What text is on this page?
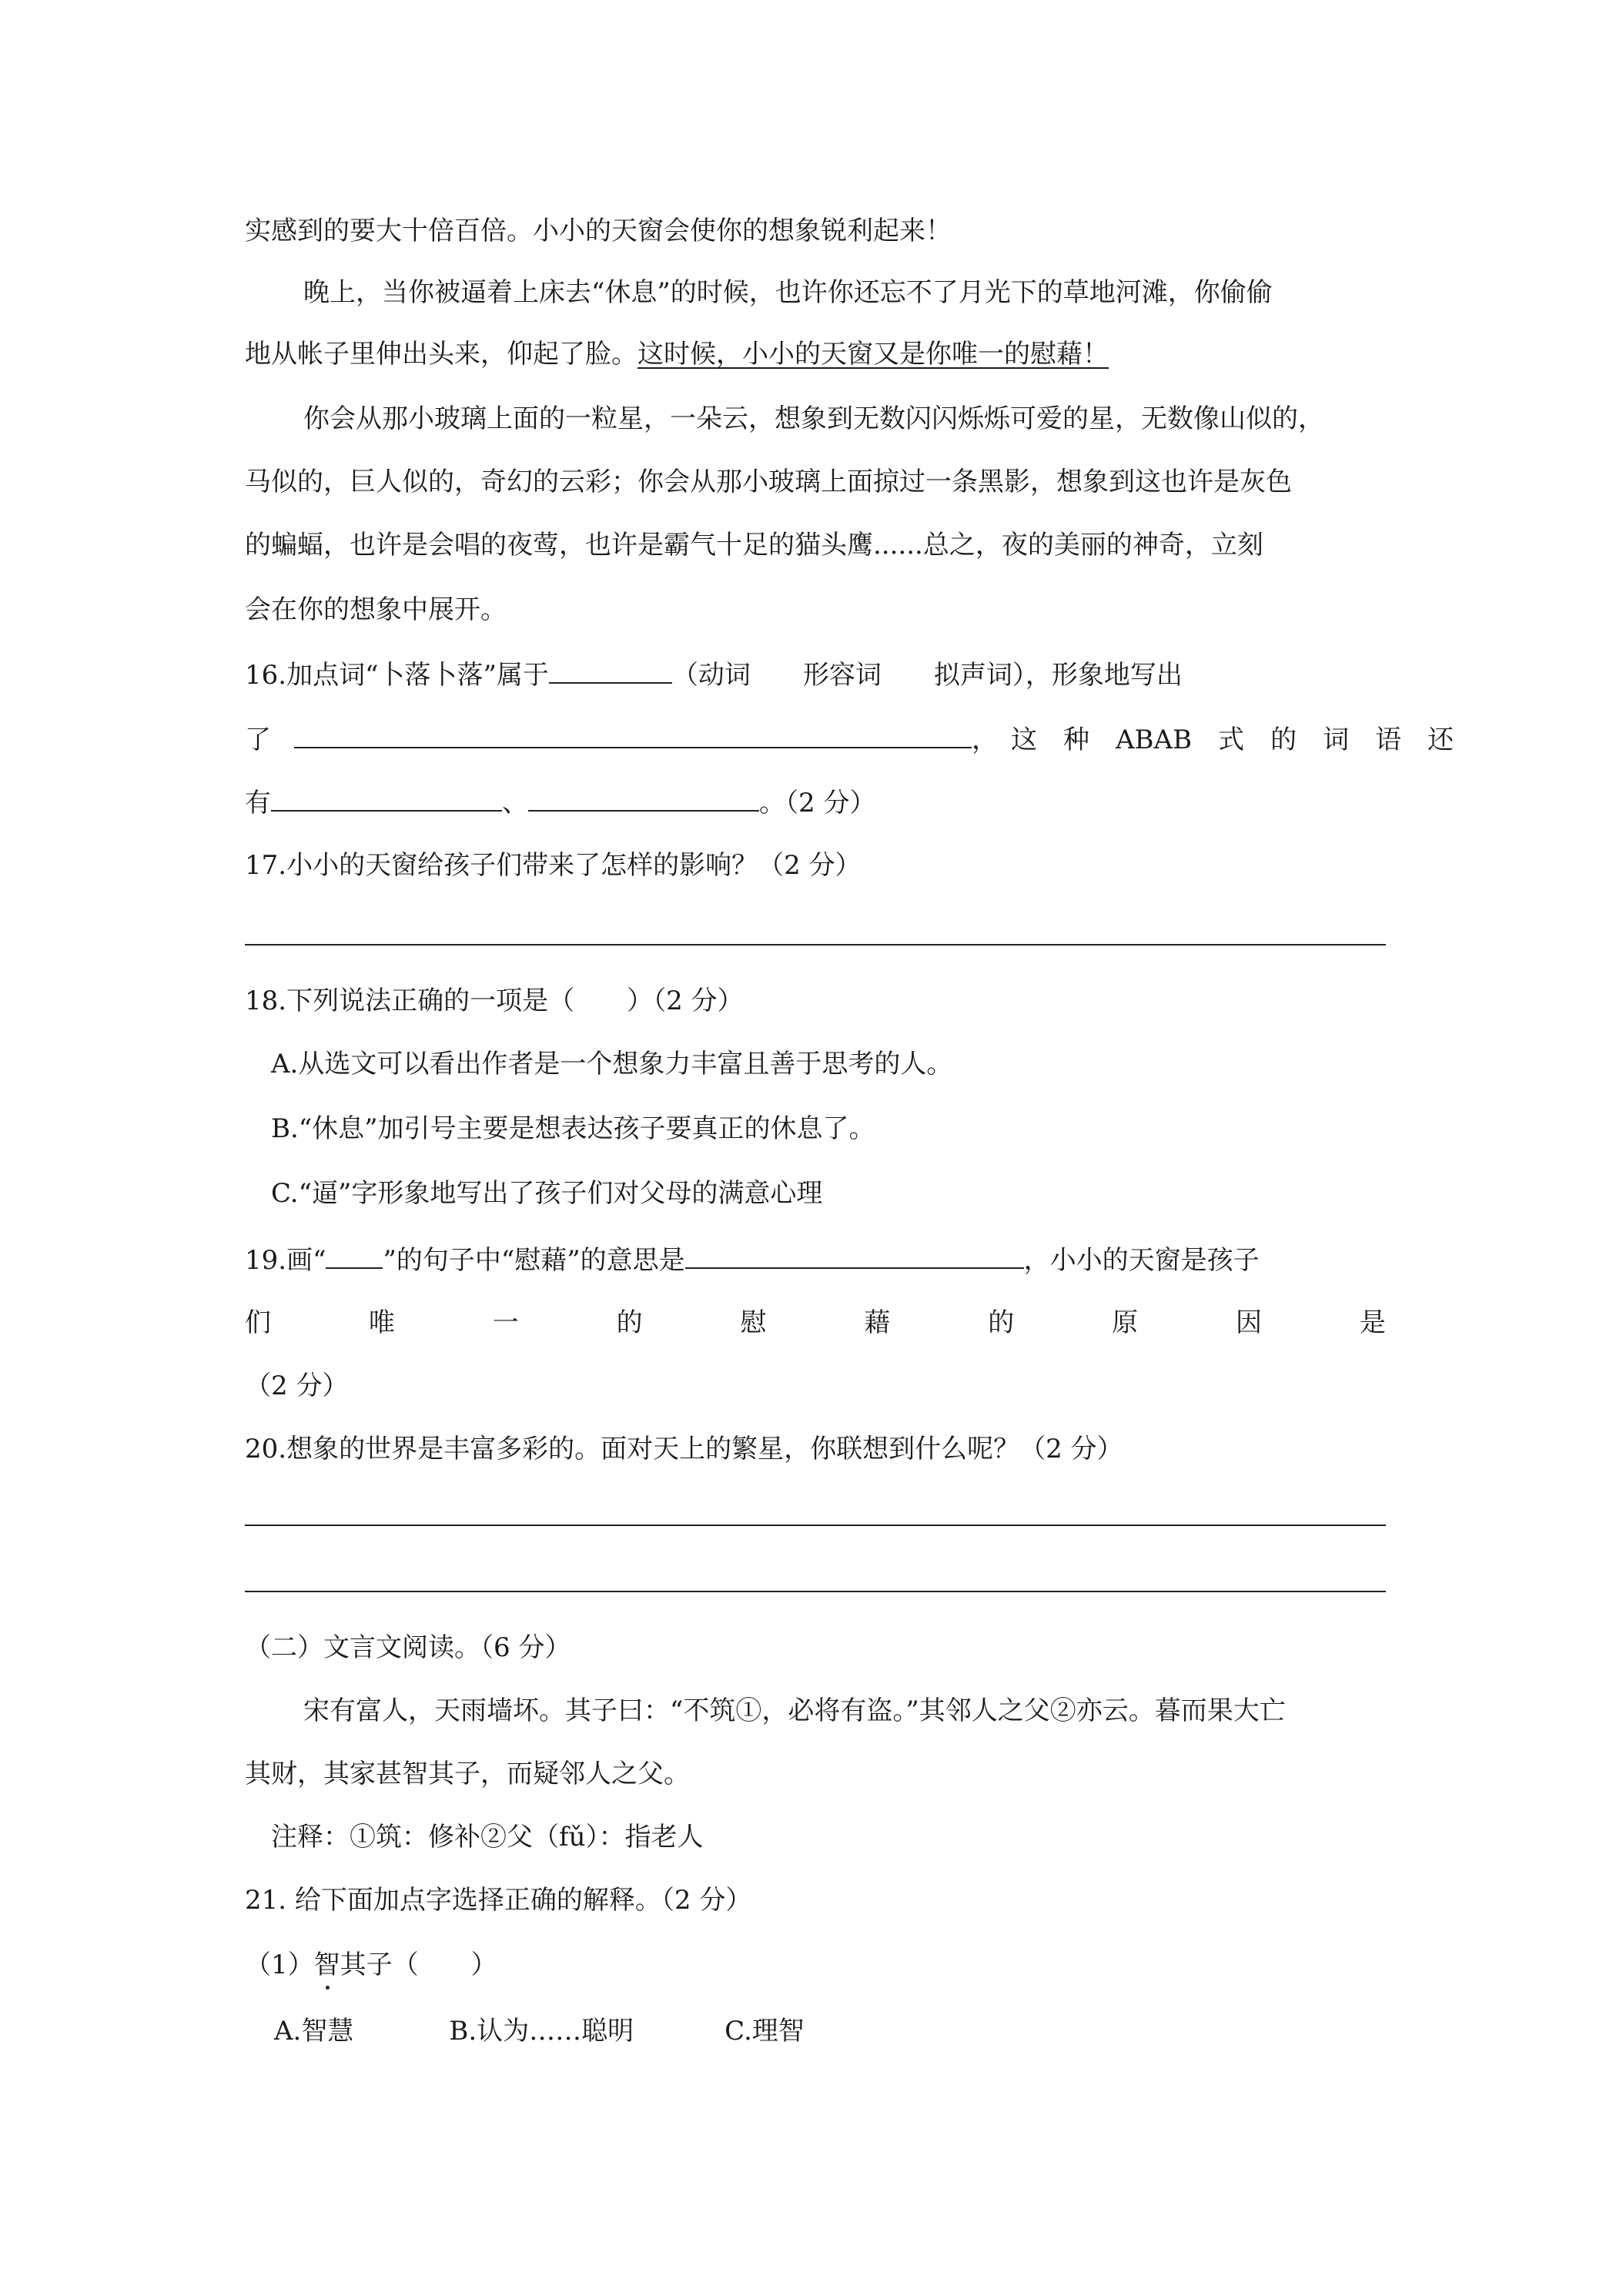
实感到的要大十倍百倍。小小的天窗会使你的想象锐利起来！
晚上，当你被逼着上床去“休息”的时候，也许你还忘不了月光下的草地河滩，你偷偷
地从帐子里伸出头来，仰起了脸。这时候，小小的天窗又是你唯一的慰藉！
你会从那小玻璃上面的一粒星，一朵云，想象到无数闪闪烁烁可爱的星，无数像山似的，
马似的，巨人似的，奇幻的云彩；你会从那小玻璃上面掠过一条黑影，想象到这也许是灰色
的蝙蝠，也许是会唱的夜莺，也许是霸气十足的猫头鹰......总之，夜的美丽的神奇，立刻
会在你的想象中展开。
16.加点词“卜落卜落”属于	（动词　　形容词　　拟声词），形象地写出
了	，　这　种　ABAB　式　的　词　语　还
有	、	。（2 分）
17.小小的天窗给孩子们带来了怎样的影响？（2 分）
18.下列说法正确的一项是（　　）（2 分）
A.从选文可以看出作者是一个想象力丰富且善于思考的人。
B.“休息”加引号主要是想表达孩子要真正的休息了。
C.“逼”字形象地写出了孩子们对父母的满意心理
19.画“ ”的句子中“慰藉”的意思是	，小小的天窗是孩子
们	唯	一	的	慰	藉	的	原	因	是
（2 分）
20.想象的世界是丰富多彩的。面对天上的繁星，你联想到什么呢？（2 分）
（二）文言文阅读。（6 分）
宋有富人，天雨墙坏。其子曰：“不筑①，必将有盗。”其邻人之父②亦云。暮而果大亡
其财，其家甚智其子，而疑邻人之父。
注释：①筑：修补②父（fǔ）：指老人
21. 给下面加点字选择正确的解释。（2 分）
（1）智其子（　　）
A.智慧	B.认为……聪明	C.理智
